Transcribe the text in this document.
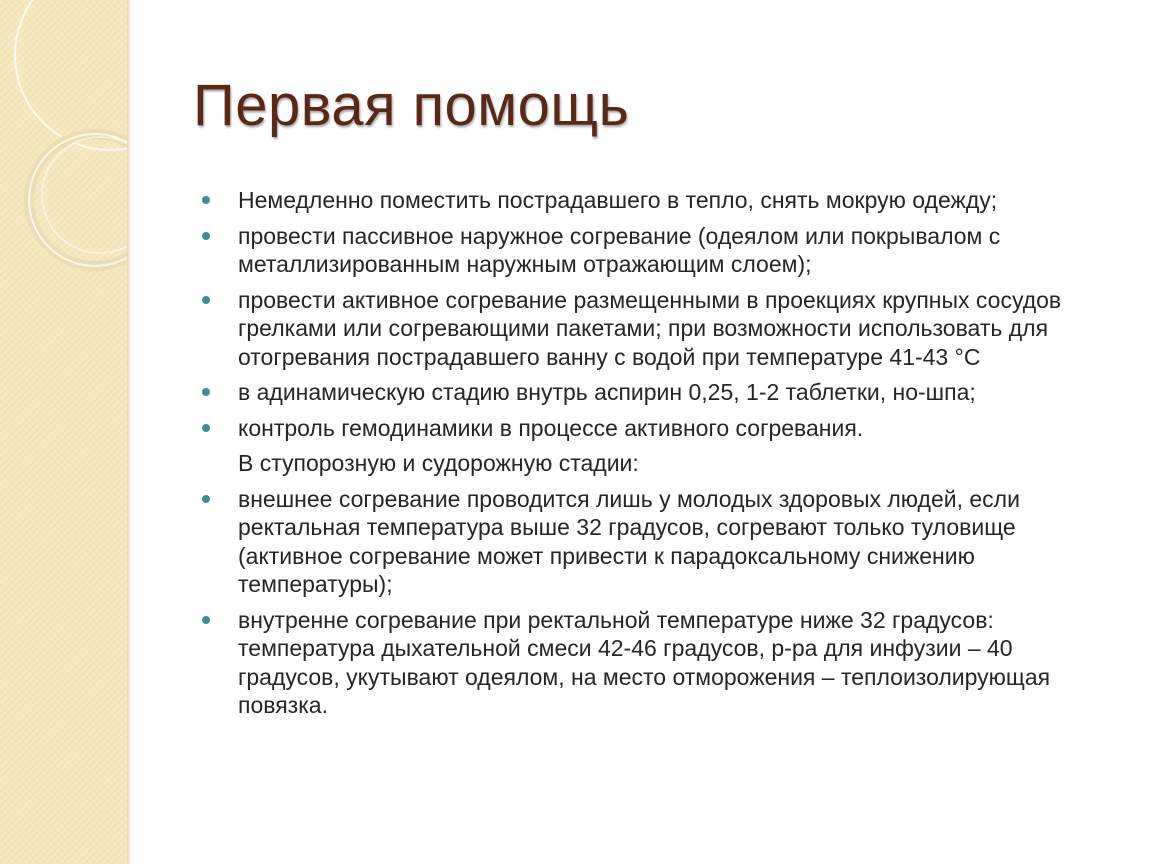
Первая помощь
Немедленно поместить пострадавшего в тепло, снять мокрую одежду;
провести пассивное наружное согревание (одеялом или покрывалом с металлизированным наружным отражающим слоем);
провести активное согревание размещенными в проекциях крупных сосудов грелками или согревающими пакетами; при возможности использовать для отогревания пострадавшего ванну с водой при температуре 41-43 °С
в адинамическую стадию внутрь аспирин 0,25, 1-2 таблетки, но-шпа;
контроль гемодинамики в процессе активного согревания.
В ступорозную и судорожную стадии:
внешнее согревание проводится лишь у молодых здоровых людей, если ректальная температура выше 32 градусов, согревают только туловище (активное согревание может привести к парадоксальному снижению температуры);
внутренне согревание при ректальной температуре ниже 32 градусов: температура дыхательной смеси 42-46 градусов, р-ра для инфузии – 40 градусов, укутывают одеялом, на место отморожения – теплоизолирующая повязка.
